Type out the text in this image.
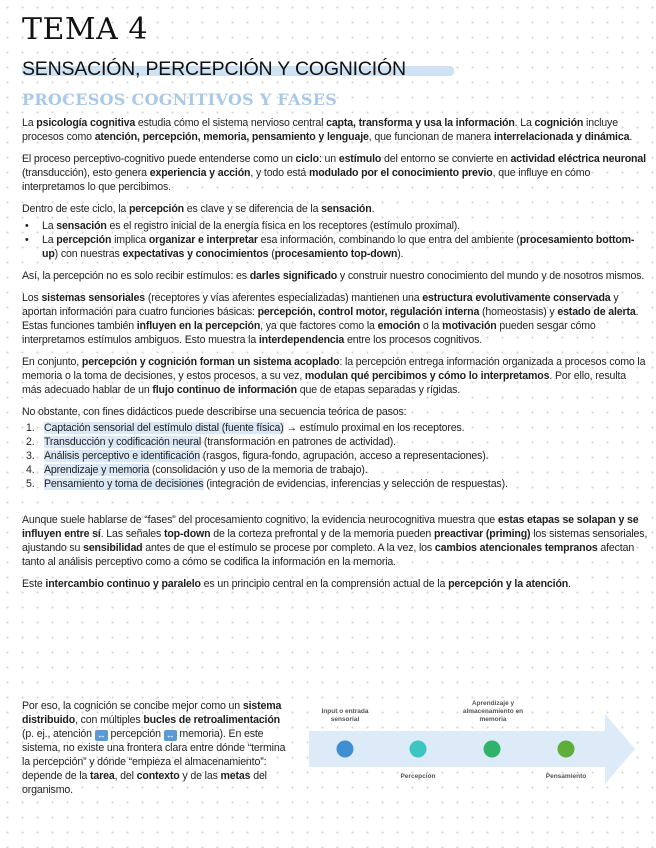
TEMA 4
SENSACIÓN, PERCEPCIÓN Y COGNICIÓN
PROCESOS COGNITIVOS Y FASES

La psicología cognitiva estudia cómo el sistema nervioso central capta, transforma y usa la información. La cognición incluye procesos como atención, percepción, memoria, pensamiento y lenguaje, que funcionan de manera interrelacionada y dinámica.

El proceso perceptivo-cognitivo puede entenderse como un ciclo: un estímulo del entorno se convierte en actividad eléctrica neuronal (transducción), esto genera experiencia y acción, y todo está modulado por el conocimiento previo, que influye en cómo interpretamos lo que percibimos.

Dentro de este ciclo, la percepción es clave y se diferencia de la sensación.

• La sensación es el registro inicial de la energía física en los receptores (estímulo proximal).
• La percepción implica organizar e interpretar esa información, combinando lo que entra del ambiente (procesamiento bottom-up) con nuestras expectativas y conocimientos (procesamiento top-down).

Así, la percepción no es solo recibir estímulos: es darles significado y construir nuestro conocimiento del mundo y de nosotros mismos.

Los sistemas sensoriales (receptores y vías aferentes especializadas) mantienen una estructura evolutivamente conservada y aportan información para cuatro funciones básicas: percepción, control motor, regulación interna (homeostasis) y estado de alerta. Estas funciones también influyen en la percepción, ya que factores como la emoción o la motivación pueden sesgar cómo interpretamos estímulos ambiguos. Esto muestra la interdependencia entre los procesos cognitivos.

En conjunto, percepción y cognición forman un sistema acoplado: la percepción entrega información organizada a procesos como la memoria o la toma de decisiones, y estos procesos, a su vez, modulan qué percibimos y cómo lo interpretamos. Por ello, resulta más adecuado hablar de un flujo continuo de información que de etapas separadas y rígidas.

No obstante, con fines didácticos puede describirse una secuencia teórica de pasos:

1. Captación sensorial del estímulo distal (fuente física) → estímulo proximal en los receptores.
2. Transducción y codificación neural (transformación en patrones de actividad).
3. Análisis perceptivo e identificación (rasgos, figura-fondo, agrupación, acceso a representaciones).
4. Aprendizaje y memoria (consolidación y uso de la memoria de trabajo).
5. Pensamiento y toma de decisiones (integración de evidencias, inferencias y selección de respuestas).

Aunque suele hablarse de “fases” del procesamiento cognitivo, la evidencia neurocognitiva muestra que estas etapas se solapan y se influyen entre sí. Las señales top-down de la corteza prefrontal y de la memoria pueden preactivar (priming) los sistemas sensoriales, ajustando su sensibilidad antes de que el estímulo se procese por completo. A la vez, los cambios atencionales tempranos afectan tanto al análisis perceptivo como a cómo se codifica la información en la memoria.

Este intercambio continuo y paralelo es un principio central en la comprensión actual de la percepción y la atención.

Por eso, la cognición se concibe mejor como un sistema distribuido, con múltiples bucles de retroalimentación (p. ej., atención ↔ percepción ↔ memoria). En este sistema, no existe una frontera clara entre dónde “termina la percepción” y dónde “empieza el almacenamiento”: depende de la tarea, del contexto y de las metas del organismo.

Input o entrada sensorial
Aprendizaje y almacenamiento en memoria
Percepción	Pensamiento
